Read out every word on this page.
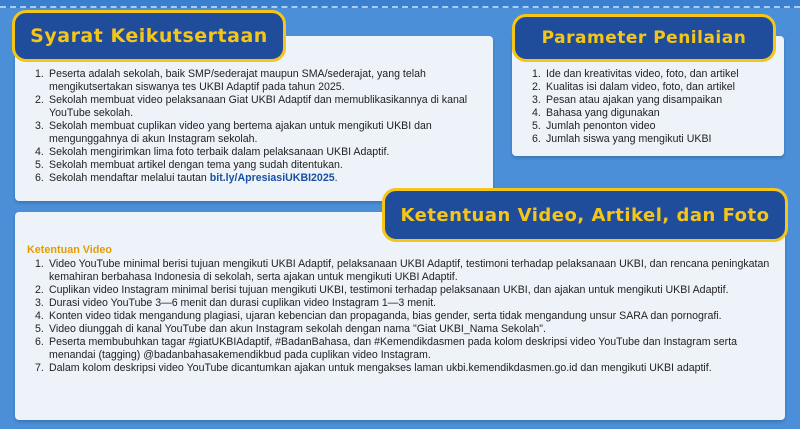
Peserta adalah sekolah, baik SMP/sederajat maupun SMA/sederajat, yang telah mengikutsertakan siswanya tes UKBI Adaptif pada tahun 2025.
Sekolah membuat video pelaksanaan Giat UKBI Adaptif dan memublikasikannya di kanal YouTube sekolah.
Sekolah membuat cuplikan video yang bertema ajakan untuk mengikuti UKBI dan mengunggahnya di akun Instagram sekolah.
Sekolah mengirimkan lima foto terbaik dalam pelaksanaan UKBI Adaptif.
Sekolah membuat artikel dengan tema yang sudah ditentukan.
Sekolah mendaftar melalui tautan bit.ly/ApresiasiUKBI2025.
Syarat Keikutsertaan
Ide dan kreativitas video, foto, dan artikel
Kualitas isi dalam video, foto, dan artikel
Pesan atau ajakan yang disampaikan
Bahasa yang digunakan
Jumlah penonton video
Jumlah siswa yang mengikuti UKBI
Parameter Penilaian
Ketentuan Video
Video YouTube minimal berisi tujuan mengikuti UKBI Adaptif, pelaksanaan UKBI Adaptif, testimoni terhadap pelaksanaan UKBI, dan rencana peningkatan kemahiran berbahasa Indonesia di sekolah, serta ajakan untuk mengikuti UKBI Adaptif.
Cuplikan video Instagram minimal berisi tujuan mengikuti UKBI, testimoni terhadap pelaksanaan UKBI, dan ajakan untuk mengikuti UKBI Adaptif.
Durasi video YouTube 3—6 menit dan durasi cuplikan video Instagram 1—3 menit.
Konten video tidak mengandung plagiasi, ujaran kebencian dan propaganda, bias gender, serta tidak mengandung unsur SARA dan pornografi.
Video diunggah di kanal YouTube dan akun Instagram sekolah dengan nama "Giat UKBI_Nama Sekolah".
Peserta membubuhkan tagar #giatUKBIAdaptif, #BadanBahasa, dan #Kemendikdasmen pada kolom deskripsi video YouTube dan Instagram serta menandai (tagging) @badanbahasakemendikbud pada cuplikan video Instagram.
Dalam kolom deskripsi video YouTube dicantumkan ajakan untuk mengakses laman ukbi.kemendikdasmen.go.id dan mengikuti UKBI adaptif.
Ketentuan Video, Artikel, dan Foto
